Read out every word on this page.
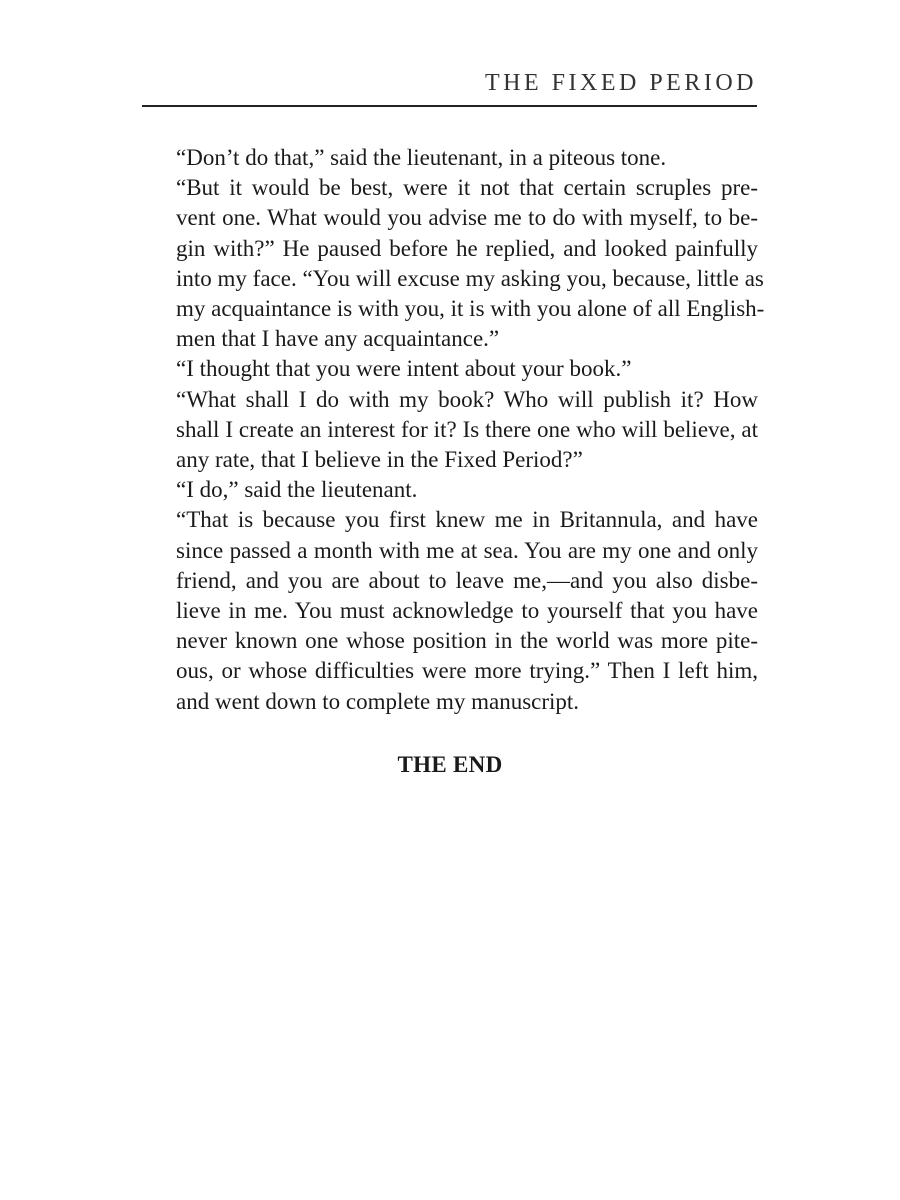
THE FIXED PERIOD

“Don’t do that,” said the lieutenant, in a piteous tone.

“But it would be best, were it not that certain scruples pre-
vent one. What would you advise me to do with myself, to be-
gin with?” He paused before he replied, and looked painfully
into my face. “You will excuse my asking you, because, little as
my acquaintance is with you, it is with you alone of all English-
men that I have any acquaintance.”

“I thought that you were intent about your book.”

“What shall I do with my book? Who will publish it? How
shall I create an interest for it? Is there one who will believe, at
any rate, that I believe in the Fixed Period?”

“I do,” said the lieutenant.

“That is because you first knew me in Britannula, and have
since passed a month with me at sea. You are my one and only
friend, and you are about to leave me,—and you also disbe-
lieve in me. You must acknowledge to yourself that you have
never known one whose position in the world was more pite-
ous, or whose difficulties were more trying.” Then I left him,
and went down to complete my manuscript.

THE END
